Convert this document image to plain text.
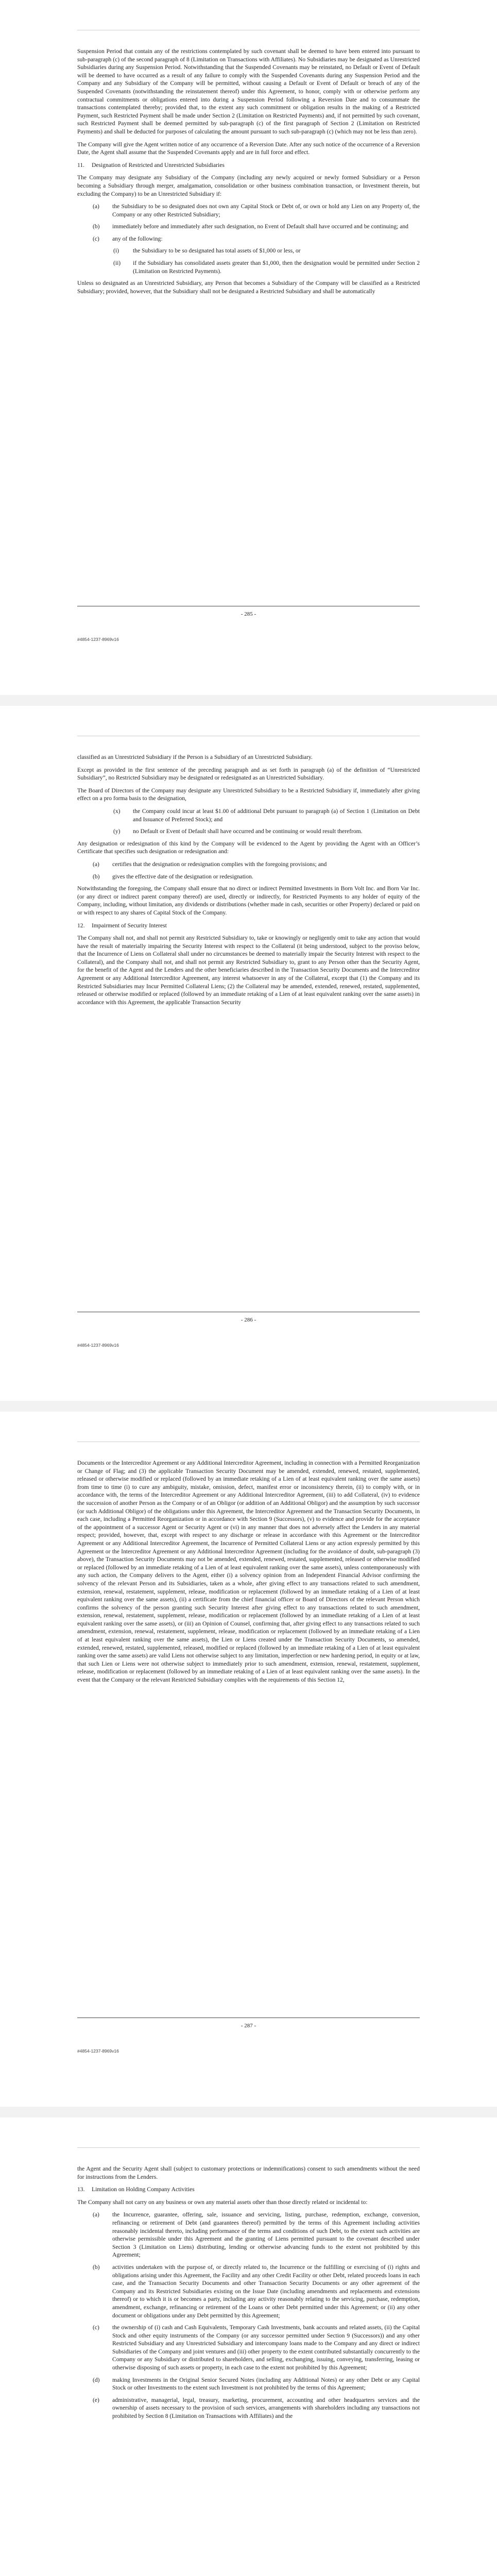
Suspension Period that contain any of the restrictions contemplated by such covenant shall be deemed to have been entered into pursuant to sub-paragraph (c) of the second paragraph of 8 (Limitation on Transactions with Affiliates). No Subsidiaries may be designated as Unrestricted Subsidiaries during any Suspension Period. Notwithstanding that the Suspended Covenants may be reinstated, no Default or Event of Default will be deemed to have occurred as a result of any failure to comply with the Suspended Covenants during any Suspension Period and the Company and any Subsidiary of the Company will be permitted, without causing a Default or Event of Default or breach of any of the Suspended Covenants (notwithstanding the reinstatement thereof) under this Agreement, to honor, comply with or otherwise perform any contractual commitments or obligations entered into during a Suspension Period following a Reversion Date and to consummate the transactions contemplated thereby; provided that, to the extent any such commitment or obligation results in the making of a Restricted Payment, such Restricted Payment shall be made under Section 2 (Limitation on Restricted Payments) and, if not permitted by such covenant, such Restricted Payment shall be deemed permitted by sub-paragraph (c) of the first paragraph of Section 2 (Limitation on Restricted Payments) and shall be deducted for purposes of calculating the amount pursuant to such sub-paragraph (c) (which may not be less than zero).

The Company will give the Agent written notice of any occurrence of a Reversion Date. After any such notice of the occurrence of a Reversion Date, the Agent shall assume that the Suspended Covenants apply and are in full force and effect.

11.	Designation of Restricted and Unrestricted Subsidiaries

The Company may designate any Subsidiary of the Company (including any newly acquired or newly formed Subsidiary or a Person becoming a Subsidiary through merger, amalgamation, consolidation or other business combination transaction, or Investment therein, but excluding the Company) to be an Unrestricted Subsidiary if:

(a)	the Subsidiary to be so designated does not own any Capital Stock or Debt of, or own or hold any Lien on any Property of, the Company or any other Restricted Subsidiary;
(b)	immediately before and immediately after such designation, no Event of Default shall have occurred and be continuing; and
(c)	any of the following:
(i)	the Subsidiary to be so designated has total assets of $1,000 or less, or
(ii)	if the Subsidiary has consolidated assets greater than $1,000, then the designation would be permitted under Section 2 (Limitation on Restricted Payments).

Unless so designated as an Unrestricted Subsidiary, any Person that becomes a Subsidiary of the Company will be classified as a Restricted Subsidiary; provided, however, that the Subsidiary shall not be designated a Restricted Subsidiary and shall be automatically

- 285 -
#4854-1237-8969v16

classified as an Unrestricted Subsidiary if the Person is a Subsidiary of an Unrestricted Subsidiary.

Except as provided in the first sentence of the preceding paragraph and as set forth in paragraph (a) of the definition of “Unrestricted Subsidiary”, no Restricted Subsidiary may be designated or redesignated as an Unrestricted Subsidiary.

The Board of Directors of the Company may designate any Unrestricted Subsidiary to be a Restricted Subsidiary if, immediately after giving effect on a pro forma basis to the designation,

(x)	the Company could incur at least $1.00 of additional Debt pursuant to paragraph (a) of Section 1 (Limitation on Debt and Issuance of Preferred Stock); and
(y)	no Default or Event of Default shall have occurred and be continuing or would result therefrom.

Any designation or redesignation of this kind by the Company will be evidenced to the Agent by providing the Agent with an Officer’s Certificate that specifies such designation or redesignation and:

(a)	certifies that the designation or redesignation complies with the foregoing provisions; and
(b)	gives the effective date of the designation or redesignation.

Notwithstanding the foregoing, the Company shall ensure that no direct or indirect Permitted Investments in Born Volt Inc. and Born Var Inc. (or any direct or indirect parent company thereof) are used, directly or indirectly, for Restricted Payments to any holder of equity of the Company, including, without limitation, any dividends or distributions (whether made in cash, securities or other Property) declared or paid on or with respect to any shares of Capital Stock of the Company.

12.	Impairment of Security Interest

The Company shall not, and shall not permit any Restricted Subsidiary to, take or knowingly or negligently omit to take any action that would have the result of materially impairing the Security Interest with respect to the Collateral (it being understood, subject to the proviso below, that the Incurrence of Liens on Collateral shall under no circumstances be deemed to materially impair the Security Interest with respect to the Collateral), and the Company shall not, and shall not permit any Restricted Subsidiary to, grant to any Person other than the Security Agent, for the benefit of the Agent and the Lenders and the other beneficiaries described in the Transaction Security Documents and the Intercreditor Agreement or any Additional Intercreditor Agreement, any interest whatsoever in any of the Collateral, except that (1) the Company and its Restricted Subsidiaries may Incur Permitted Collateral Liens; (2) the Collateral may be amended, extended, renewed, restated, supplemented, released or otherwise modified or replaced (followed by an immediate retaking of a Lien of at least equivalent ranking over the same assets) in accordance with this Agreement, the applicable Transaction Security

- 286 -
#4854-1237-8969v16

Documents or the Intercreditor Agreement or any Additional Intercreditor Agreement, including in connection with a Permitted Reorganization or Change of Flag; and (3) the applicable Transaction Security Document may be amended, extended, renewed, restated, supplemented, released or otherwise modified or replaced (followed by an immediate retaking of a Lien of at least equivalent ranking over the same assets) from time to time (i) to cure any ambiguity, mistake, omission, defect, manifest error or inconsistency therein, (ii) to comply with, or in accordance with, the terms of the Intercreditor Agreement or any Additional Intercreditor Agreement, (iii) to add Collateral, (iv) to evidence the succession of another Person as the Company or of an Obligor (or addition of an Additional Obligor) and the assumption by such successor (or such Additional Obligor) of the obligations under this Agreement, the Intercreditor Agreement and the Transaction Security Documents, in each case, including a Permitted Reorganization or in accordance with Section 9 (Successors), (v) to evidence and provide for the acceptance of the appointment of a successor Agent or Security Agent or (vi) in any manner that does not adversely affect the Lenders in any material respect; provided, however, that, except with respect to any discharge or release in accordance with this Agreement or the Intercreditor Agreement or any Additional Intercreditor Agreement, the Incurrence of Permitted Collateral Liens or any action expressly permitted by this Agreement or the Intercreditor Agreement or any Additional Intercreditor Agreement (including for the avoidance of doubt, sub-paragraph (3) above), the Transaction Security Documents may not be amended, extended, renewed, restated, supplemented, released or otherwise modified or replaced (followed by an immediate retaking of a Lien of at least equivalent ranking over the same assets), unless contemporaneously with any such action, the Company delivers to the Agent, either (i) a solvency opinion from an Independent Financial Advisor confirming the solvency of the relevant Person and its Subsidiaries, taken as a whole, after giving effect to any transactions related to such amendment, extension, renewal, restatement, supplement, release, modification or replacement (followed by an immediate retaking of a Lien of at least equivalent ranking over the same assets), (ii) a certificate from the chief financial officer or Board of Directors of the relevant Person which confirms the solvency of the person granting such Security Interest after giving effect to any transactions related to such amendment, extension, renewal, restatement, supplement, release, modification or replacement (followed by an immediate retaking of a Lien of at least equivalent ranking over the same assets), or (iii) an Opinion of Counsel, confirming that, after giving effect to any transactions related to such amendment, extension, renewal, restatement, supplement, release, modification or replacement (followed by an immediate retaking of a Lien of at least equivalent ranking over the same assets), the Lien or Liens created under the Transaction Security Documents, so amended, extended, renewed, restated, supplemented, released, modified or replaced (followed by an immediate retaking of a Lien of at least equivalent ranking over the same assets) are valid Liens not otherwise subject to any limitation, imperfection or new hardening period, in equity or at law, that such Lien or Liens were not otherwise subject to immediately prior to such amendment, extension, renewal, restatement, supplement, release, modification or replacement (followed by an immediate retaking of a Lien of at least equivalent ranking over the same assets). In the event that the Company or the relevant Restricted Subsidiary complies with the requirements of this Section 12,

- 287 -
#4854-1237-8969v16

the Agent and the Security Agent shall (subject to customary protections or indemnifications) consent to such amendments without the need for instructions from the Lenders.

13.	Limitation on Holding Company Activities

The Company shall not carry on any business or own any material assets other than those directly related or incidental to:

(a)	the Incurrence, guarantee, offering, sale, issuance and servicing, listing, purchase, redemption, exchange, conversion, refinancing or retirement of Debt (and guarantees thereof) permitted by the terms of this Agreement including activities reasonably incidental thereto, including performance of the terms and conditions of such Debt, to the extent such activities are otherwise permissible under this Agreement and the granting of Liens permitted pursuant to the covenant described under Section 3 (Limitation on Liens) distributing, lending or otherwise advancing funds to the extent not prohibited by this Agreement;
(b)	activities undertaken with the purpose of, or directly related to, the Incurrence or the fulfilling or exercising of (i) rights and obligations arising under this Agreement, the Facility and any other Credit Facility or other Debt, related proceeds loans in each case, and the Transaction Security Documents and other Transaction Security Documents or any other agreement of the Company and its Restricted Subsidiaries existing on the Issue Date (including amendments and replacements and extensions thereof) or to which it is or becomes a party, including any activity reasonably relating to the servicing, purchase, redemption, amendment, exchange, refinancing or retirement of the Loans or other Debt permitted under this Agreement; or (ii) any other document or obligations under any Debt permitted by this Agreement;
(c)	the ownership of (i) cash and Cash Equivalents, Temporary Cash Investments, bank accounts and related assets, (ii) the Capital Stock and other equity instruments of the Company (or any successor permitted under Section 9 (Successors)) and any other Restricted Subsidiary and any Unrestricted Subsidiary and intercompany loans made to the Company and any direct or indirect Subsidiaries of the Company and joint ventures and (iii) other property to the extent contributed substantially concurrently to the Company or any Subsidiary or distributed to shareholders, and selling, exchanging, issuing, conveying, transferring, leasing or otherwise disposing of such assets or property, in each case to the extent not prohibited by this Agreement;
(d)	making Investments in the Original Senior Secured Notes (including any Additional Notes) or any other Debt or any Capital Stock or other Investments to the extent such Investment is not prohibited by the terms of this Agreement;
(e)	administrative, managerial, legal, treasury, marketing, procurement, accounting and other headquarters services and the ownership of assets necessary to the provision of such services, arrangements with shareholders including any transactions not prohibited by Section 8 (Limitation on Transactions with Affiliates) and the
